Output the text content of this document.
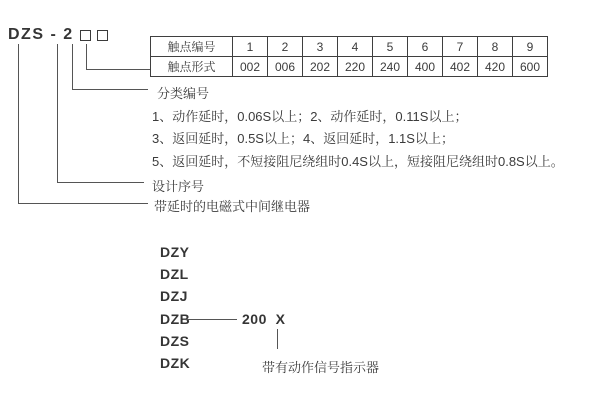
DZS - 2
触点编号	1	2	3	4	5	6	7	8	9
触点形式	002	006	202	220	240	400	402	420	600
分类编号
1、动作延时，0.06S以上；2、动作延时，0.11S以上；
3、返回延时，0.5S以上；4、返回延时，1.1S以上；
5、返回延时，不短接阻尼绕组时0.4S以上，短接阻尼绕组时0.8S以上。
设计序号
带延时的电磁式中间继电器
DZY
DZL
DZJ
DZB
DZS
DZK
200  X
带有动作信号指示器
